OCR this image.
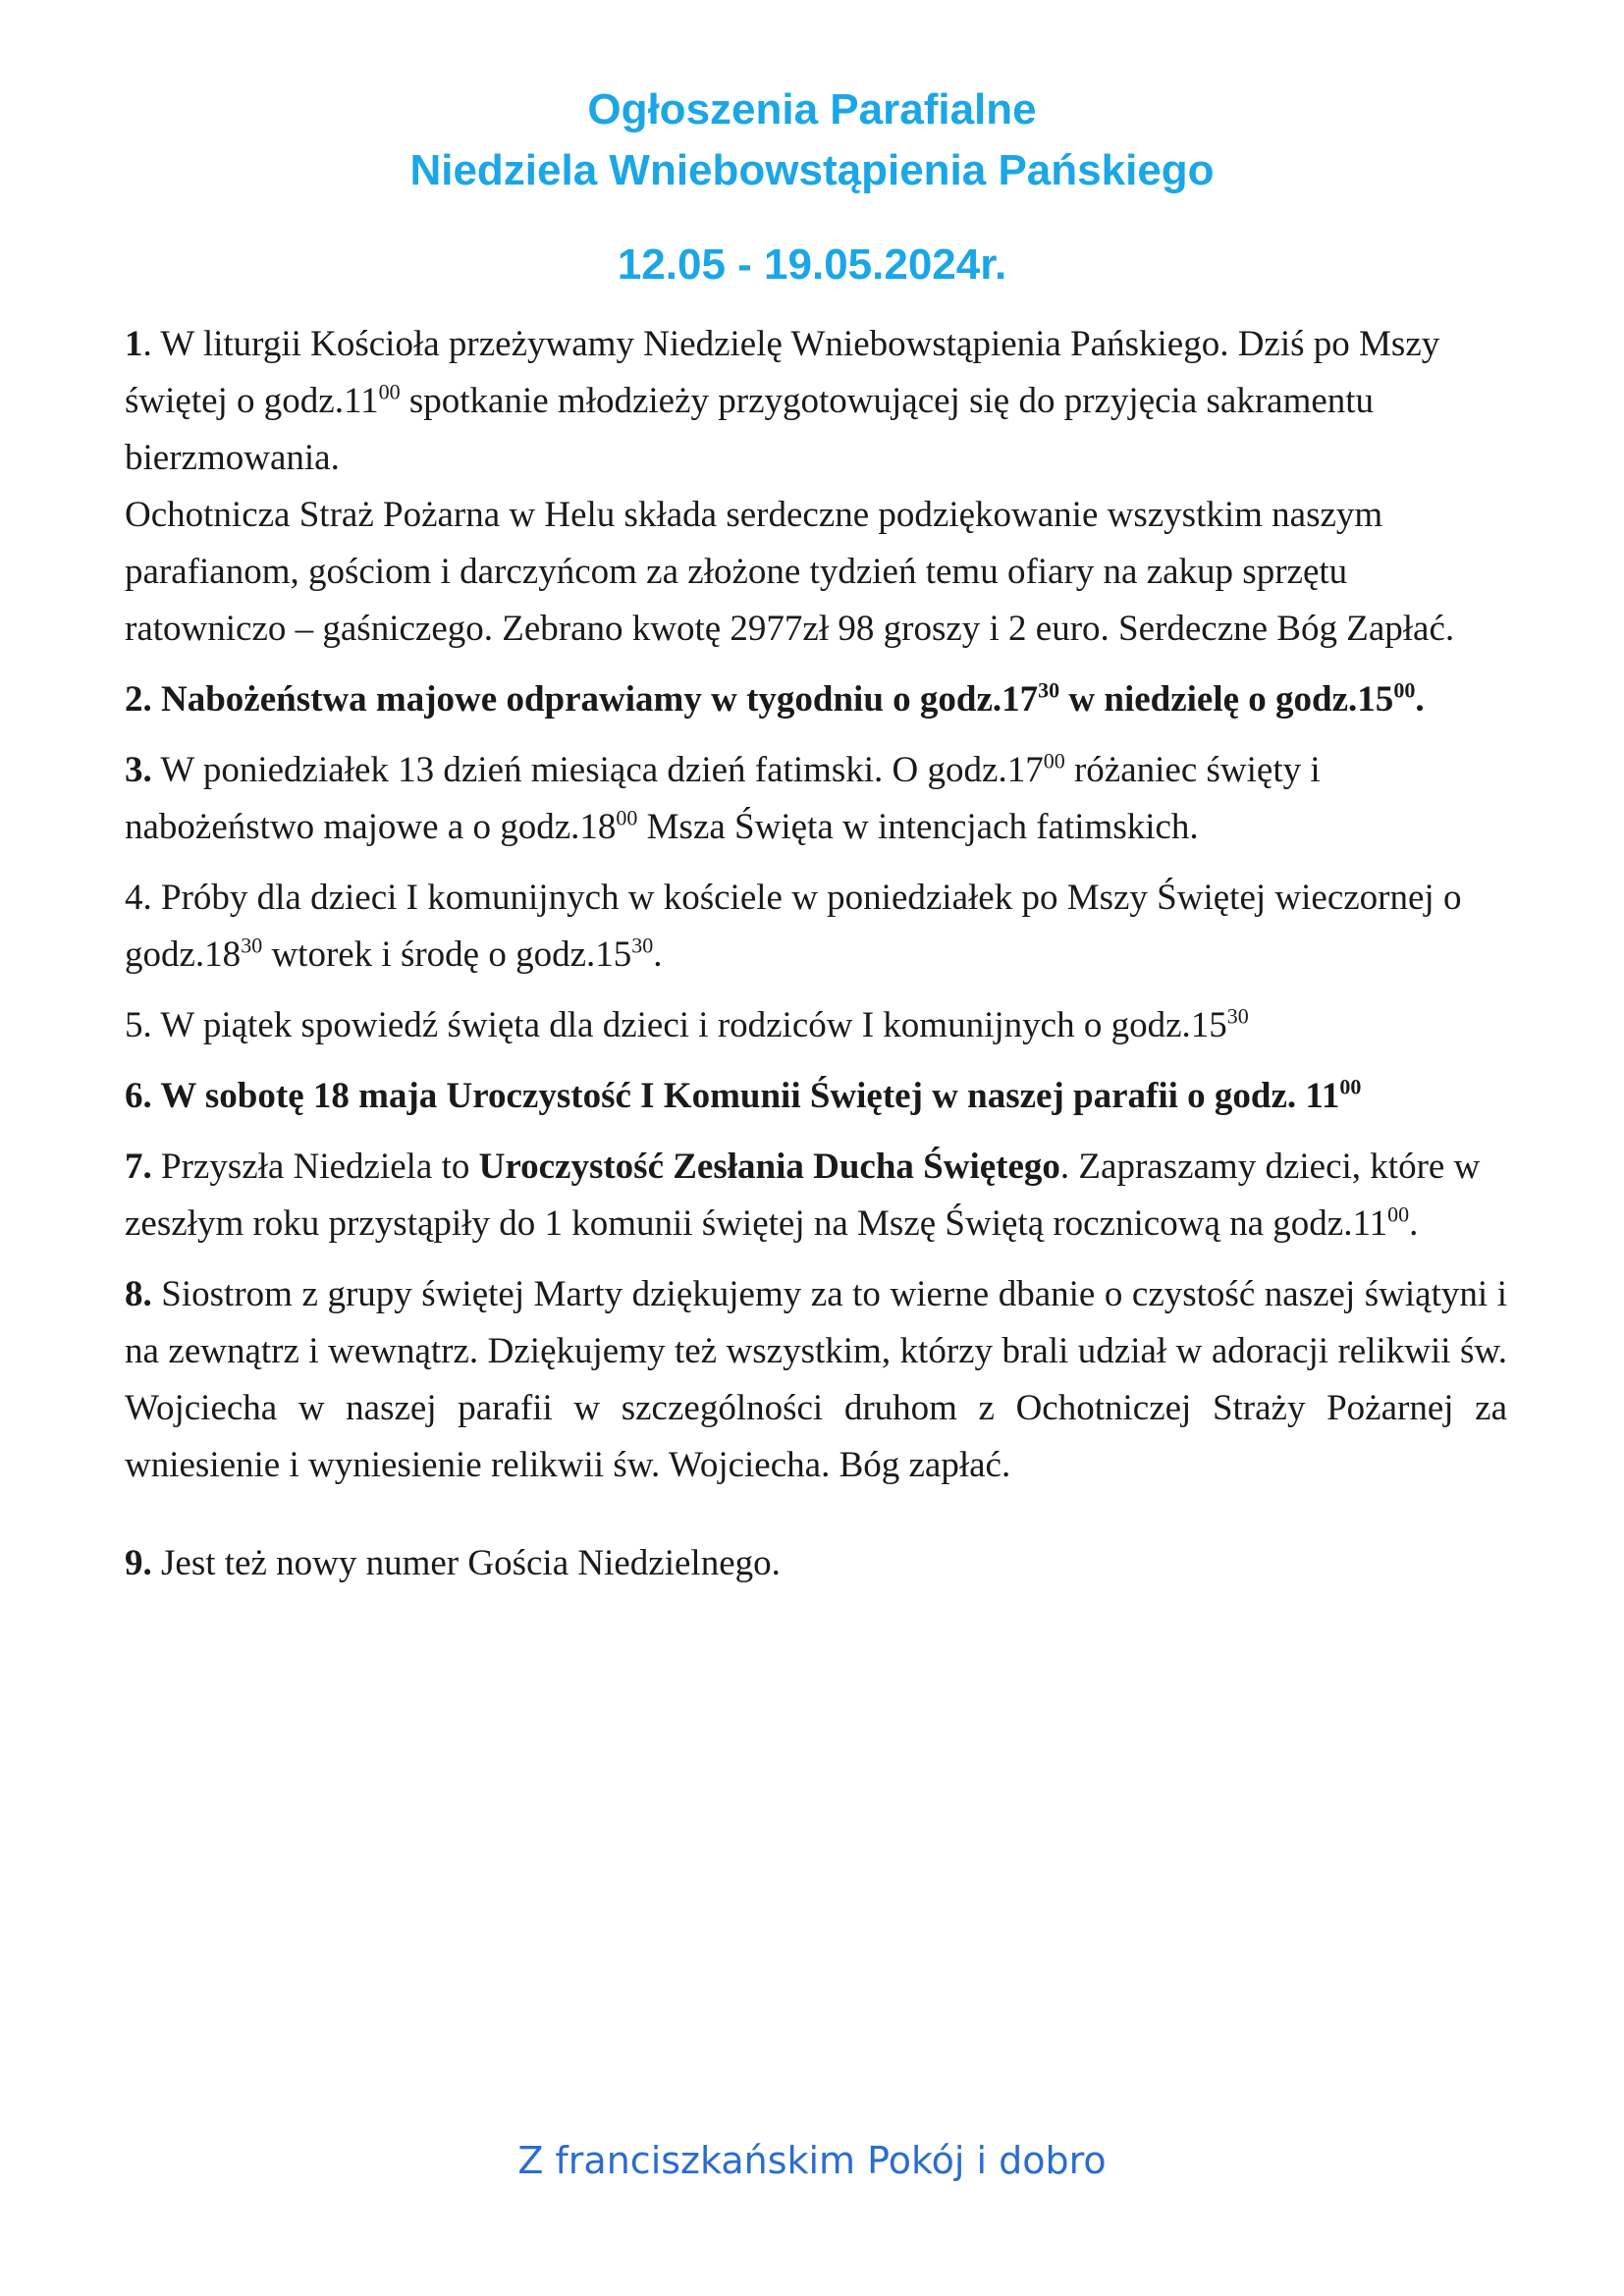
Ogłoszenia Parafialne
Niedziela Wniebowstąpienia Pańskiego
12.05 - 19.05.2024r.

1. W liturgii Kościoła przeżywamy Niedzielę Wniebowstąpienia Pańskiego. Dziś po Mszy świętej o $godz.11^{00}$ spotkanie młodzieży przygotowującej się do przyjęcia sakramentu bierzmowania.

Ochotnicza Straż Pożarna w Helu składa serdeczne podziękowanie wszystkim naszym parafianom, gościom i darczyńcom za złożone tydzień temu ofiary na zakup sprzętu ratowniczo – gaśniczego. Zebrano kwotę 2977zł 98 groszy i 2 euro. Serdeczne Bóg Zapłać.

2. Nabożeństwa majowe odprawiamy w tygodniu o $godz.17^{30}$ w niedzielę o $godz.15^{00}$.

3. W poniedziałek 13 dzień miesiąca dzień fatimski. O $godz.17^{00}$ różaniec święty i nabożeństwo majowe a o $godz.18^{00}$ Msza Święta w intencjach fatimskich.

4. Próby dla dzieci I komunijnych w kościele w poniedziałek po Mszy Świętej wieczornej o $godz.18^{30}$ wtorek i środę o $godz.15^{30}$.

5. W piątek spowiedź święta dla dzieci i rodziców I komunijnych o $godz.15^{30}$

6. W sobotę 18 maja Uroczystość I Komunii Świętej w naszej parafii o godz. $11^{00}$

7. Przyszła Niedziela to Uroczystość Zesłania Ducha Świętego. Zapraszamy dzieci, które w zeszłym roku przystąpiły do 1 komunii świętej na Mszę Świętą rocznicową na $godz.11^{00}$.

8. Siostrom z grupy świętej Marty dziękujemy za to wierne dbanie o czystość naszej świątyni i na zewnątrz i wewnątrz. Dziękujemy też wszystkim, którzy brali udział w adoracji relikwii św. Wojciecha w naszej parafii w szczególności druhom z Ochotniczej Straży Pożarnej za wniesienie i wyniesienie relikwii św. Wojciecha. Bóg zapłać.

9. Jest też nowy numer Gościa Niedzielnego.

Z franciszkańskim Pokój i dobro
